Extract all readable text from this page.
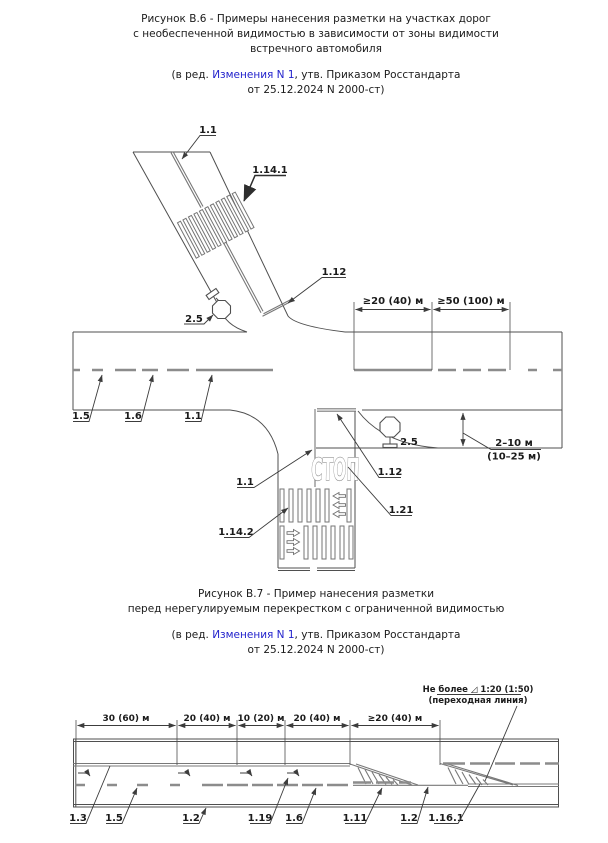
Рисунок В.6 - Примеры нанесения разметки на участках дорог
с необеспеченной видимостью в зависимости от зоны видимости
встречного автомобиля
(в ред. Изменения N 1, утв. Приказом Росстандарта
от 25.12.2024 N 2000-ст)
СТОП
≥20 (40) м ≥50 (100) м
2–10 м
(10–25 м)
1.1
1.14.1
1.12
2.5
1.5	1.6	1.1
1.1
1.12
1.21
1.14.2
2.5
Рисунок В.7 - Пример нанесения разметки
перед нерегулируемым перекрестком с ограниченной видимостью
(в ред. Изменения N 1, утв. Приказом Росстандарта
от 25.12.2024 N 2000-ст)
30 (60) м	20 (40) м 10 (20) м 20 (40) м	≥20 (40) м
Не более ◿ 1:20 (1:50)
(переходная линия)
1.3 1.5	1.2	1.19 1.6	1.11	1.2 1.16.1
